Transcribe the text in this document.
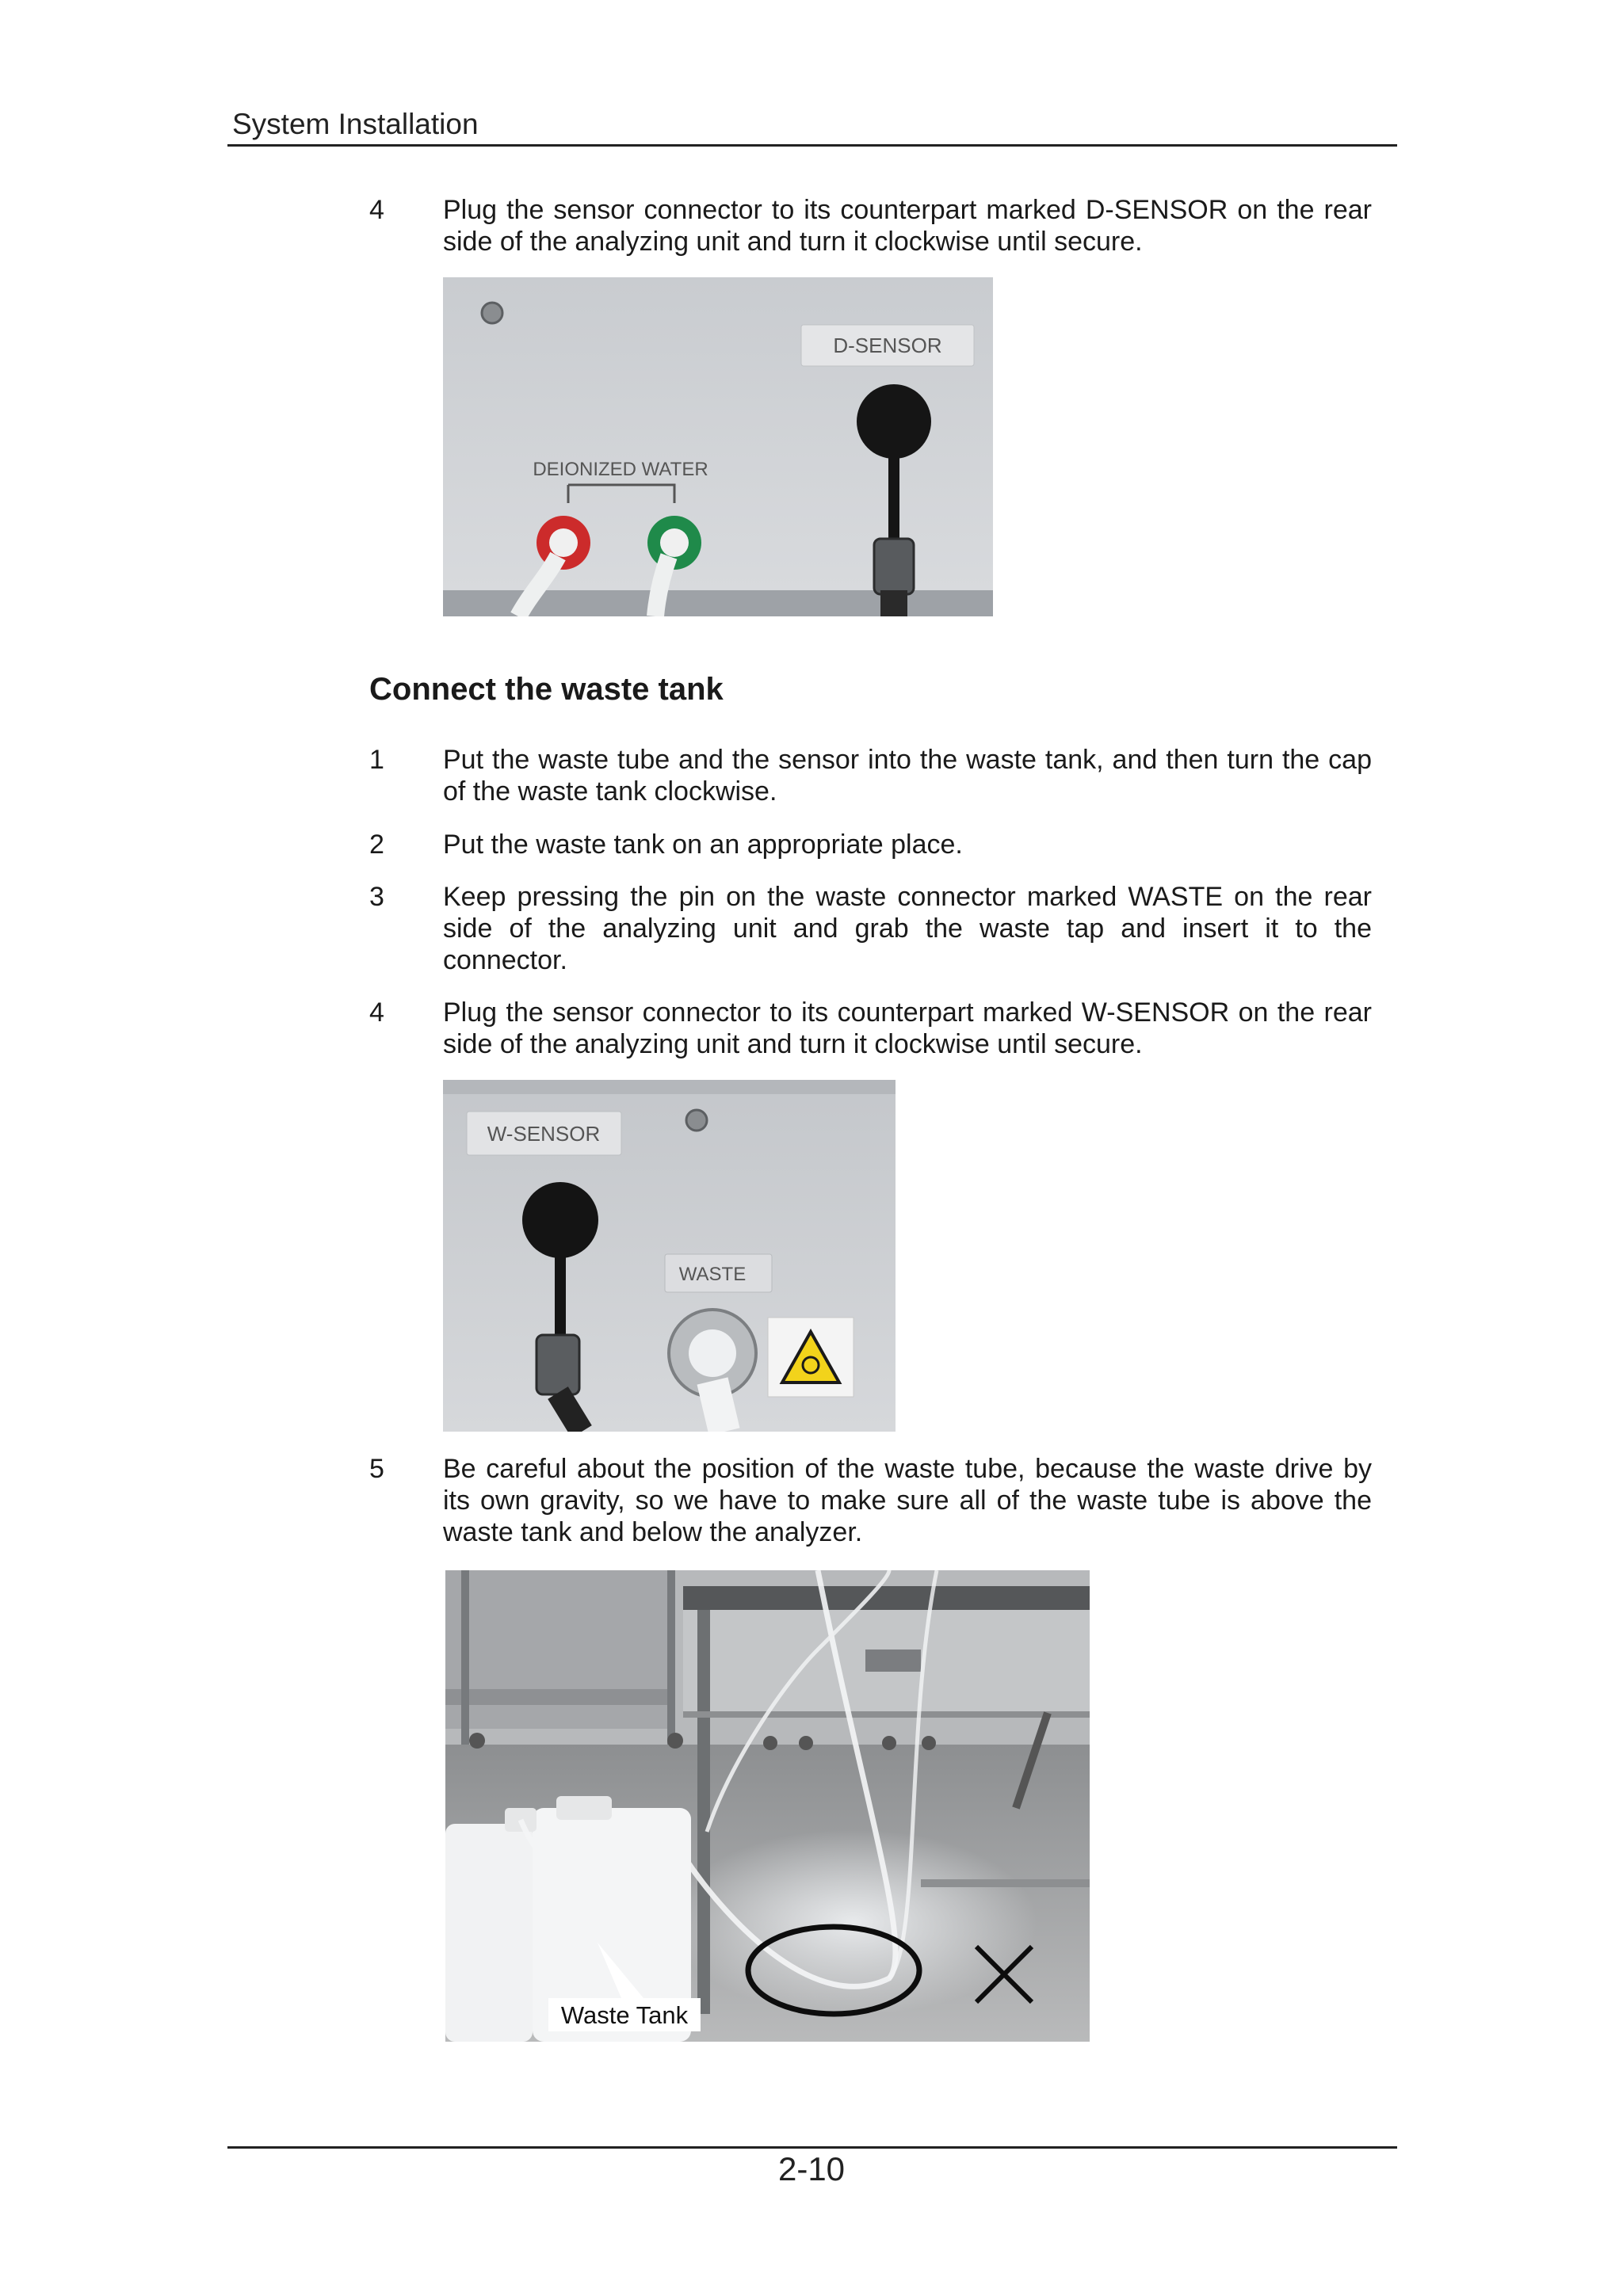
System Installation
4 Plug the sensor connector to its counterpart marked D-SENSOR on the rear side of the analyzing unit and turn it clockwise until secure.
D-SENSOR
DEIONIZED WATER
Connect the waste tank
1 Put the waste tube and the sensor into the waste tank, and then turn the cap of the waste tank clockwise.
2 Put the waste tank on an appropriate place.
3 Keep pressing the pin on the waste connector marked WASTE on the rear side of the analyzing unit and grab the waste tap and insert it to the connector.
4 Plug the sensor connector to its counterpart marked W-SENSOR on the rear side of the analyzing unit and turn it clockwise until secure.
W-SENSOR
WASTE
5 Be careful about the position of the waste tube, because the waste drive by its own gravity, so we have to make sure all of the waste tube is above the waste tank and below the analyzer.
Waste Tank
2-10
